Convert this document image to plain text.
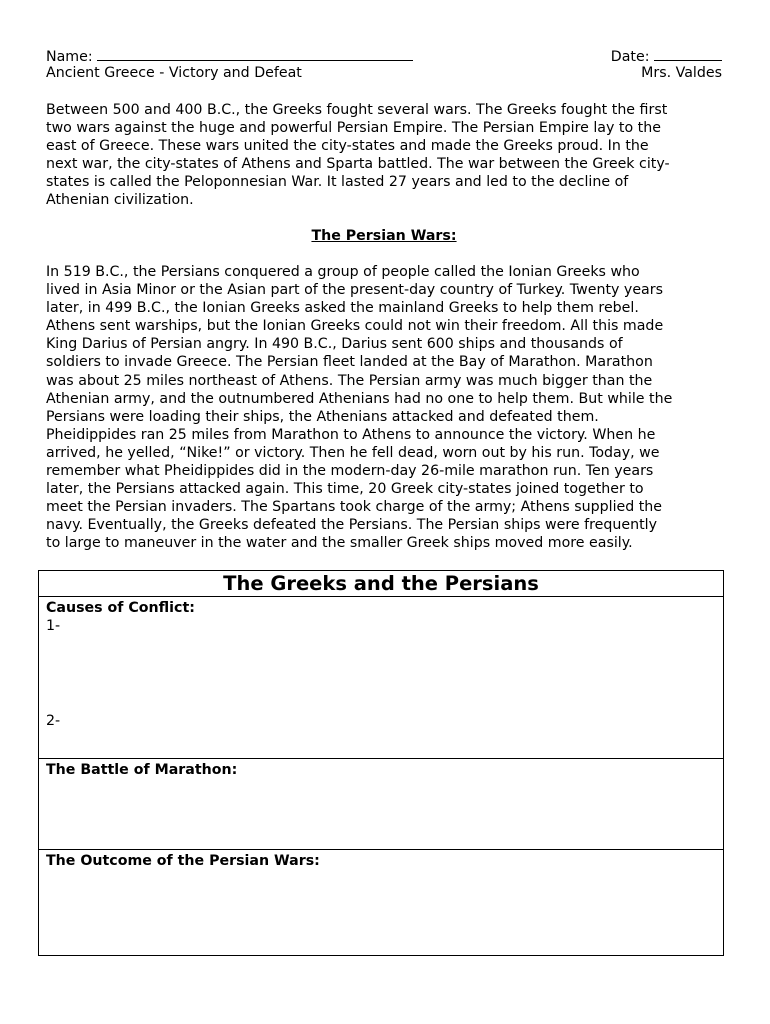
Name:	Date:
Ancient Greece - Victory and Defeat	Mrs. Valdes
Between 500 and 400 B.C., the Greeks fought several wars. The Greeks fought the first
two wars against the huge and powerful Persian Empire. The Persian Empire lay to the
east of Greece. These wars united the city-states and made the Greeks proud. In the
next war, the city-states of Athens and Sparta battled. The war between the Greek city-
states is called the Peloponnesian War. It lasted 27 years and led to the decline of
Athenian civilization.
The Persian Wars:
In 519 B.C., the Persians conquered a group of people called the Ionian Greeks who
lived in Asia Minor or the Asian part of the present-day country of Turkey. Twenty years
later, in 499 B.C., the Ionian Greeks asked the mainland Greeks to help them rebel.
Athens sent warships, but the Ionian Greeks could not win their freedom. All this made
King Darius of Persian angry. In 490 B.C., Darius sent 600 ships and thousands of
soldiers to invade Greece. The Persian fleet landed at the Bay of Marathon. Marathon
was about 25 miles northeast of Athens. The Persian army was much bigger than the
Athenian army, and the outnumbered Athenians had no one to help them. But while the
Persians were loading their ships, the Athenians attacked and defeated them.
Pheidippides ran 25 miles from Marathon to Athens to announce the victory. When he
arrived, he yelled, “Nike!” or victory. Then he fell dead, worn out by his run. Today, we
remember what Pheidippides did in the modern-day 26-mile marathon run. Ten years
later, the Persians attacked again. This time, 20 Greek city-states joined together to
meet the Persian invaders. The Spartans took charge of the army; Athens supplied the
navy. Eventually, the Greeks defeated the Persians. The Persian ships were frequently
to large to maneuver in the water and the smaller Greek ships moved more easily.
The Greeks and the Persians
Causes of Conflict:
1-
2-
The Battle of Marathon:
The Outcome of the Persian Wars:
